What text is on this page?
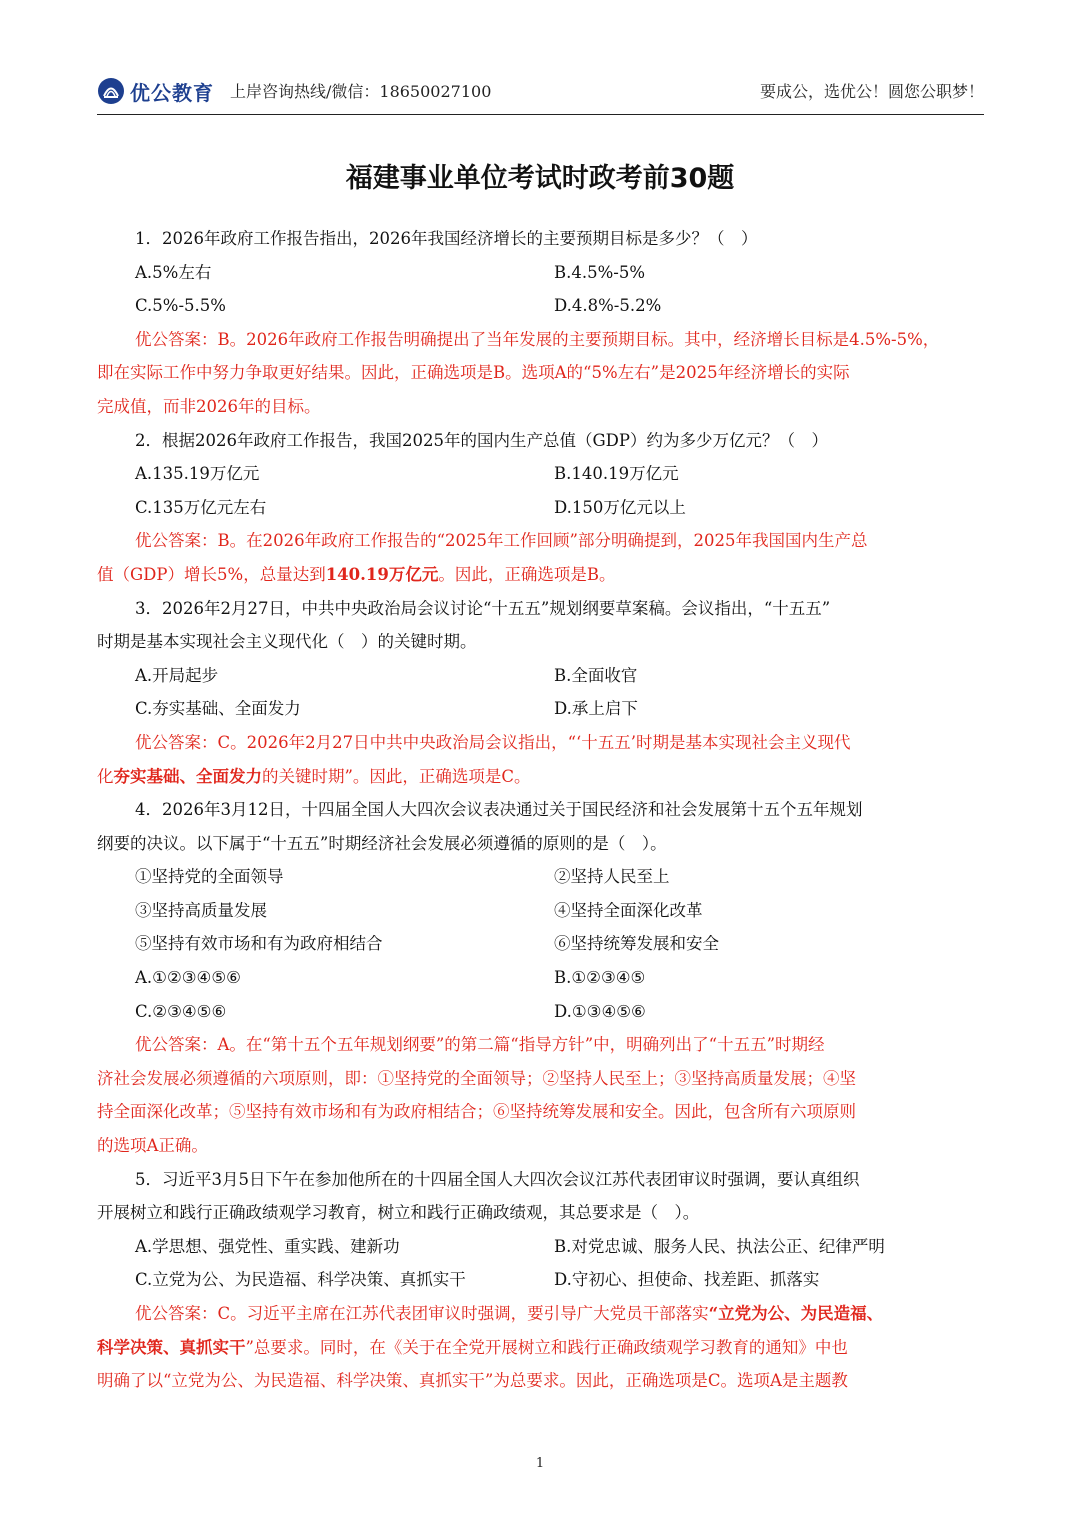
优公教育 上岸咨询热线/微信：18650027100	要成公，选优公！圆您公职梦！
福建事业单位考试时政考前30题
1．2026年政府工作报告指出，2026年我国经济增长的主要预期目标是多少？（　）
A.5%左右	B.4.5%-5%
C.5%-5.5%	D.4.8%-5.2%
优公答案：B。2026年政府工作报告明确提出了当年发展的主要预期目标。其中，经济增长目标是4.5%-5%，
即在实际工作中努力争取更好结果。因此，正确选项是B。选项A的“5%左右”是2025年经济增长的实际
完成值，而非2026年的目标。
2．根据2026年政府工作报告，我国2025年的国内生产总值（GDP）约为多少万亿元？（　）
A.135.19万亿元	B.140.19万亿元
C.135万亿元左右	D.150万亿元以上
优公答案：B。在2026年政府工作报告的“2025年工作回顾”部分明确提到，2025年我国国内生产总
值（GDP）增长5%，总量达到140.19万亿元。因此，正确选项是B。
3．2026年2月27日，中共中央政治局会议讨论“十五五”规划纲要草案稿。会议指出，“十五五”
时期是基本实现社会主义现代化（　）的关键时期。
A.开局起步	B.全面收官
C.夯实基础、全面发力	D.承上启下
优公答案：C。2026年2月27日中共中央政治局会议指出，“‘十五五’时期是基本实现社会主义现代
化夯实基础、全面发力的关键时期”。因此，正确选项是C。
4．2026年3月12日，十四届全国人大四次会议表决通过关于国民经济和社会发展第十五个五年规划
纲要的决议。以下属于“十五五”时期经济社会发展必须遵循的原则的是（　）。
①坚持党的全面领导	②坚持人民至上
③坚持高质量发展	④坚持全面深化改革
⑤坚持有效市场和有为政府相结合	⑥坚持统筹发展和安全
A.①②③④⑤⑥	B.①②③④⑤
C.②③④⑤⑥	D.①③④⑤⑥
优公答案：A。在“第十五个五年规划纲要”的第二篇“指导方针”中，明确列出了“十五五”时期经
济社会发展必须遵循的六项原则，即：①坚持党的全面领导；②坚持人民至上；③坚持高质量发展；④坚
持全面深化改革；⑤坚持有效市场和有为政府相结合；⑥坚持统筹发展和安全。因此，包含所有六项原则
的选项A正确。
5．习近平3月5日下午在参加他所在的十四届全国人大四次会议江苏代表团审议时强调，要认真组织
开展树立和践行正确政绩观学习教育，树立和践行正确政绩观，其总要求是（　）。
A.学思想、强党性、重实践、建新功	B.对党忠诚、服务人民、执法公正、纪律严明
C.立党为公、为民造福、科学决策、真抓实干	D.守初心、担使命、找差距、抓落实
优公答案：C。习近平主席在江苏代表团审议时强调，要引导广大党员干部落实“立党为公、为民造福、
科学决策、真抓实干”总要求。同时，在《关于在全党开展树立和践行正确政绩观学习教育的通知》中也
明确了以“立党为公、为民造福、科学决策、真抓实干”为总要求。因此，正确选项是C。选项A是主题教
1
